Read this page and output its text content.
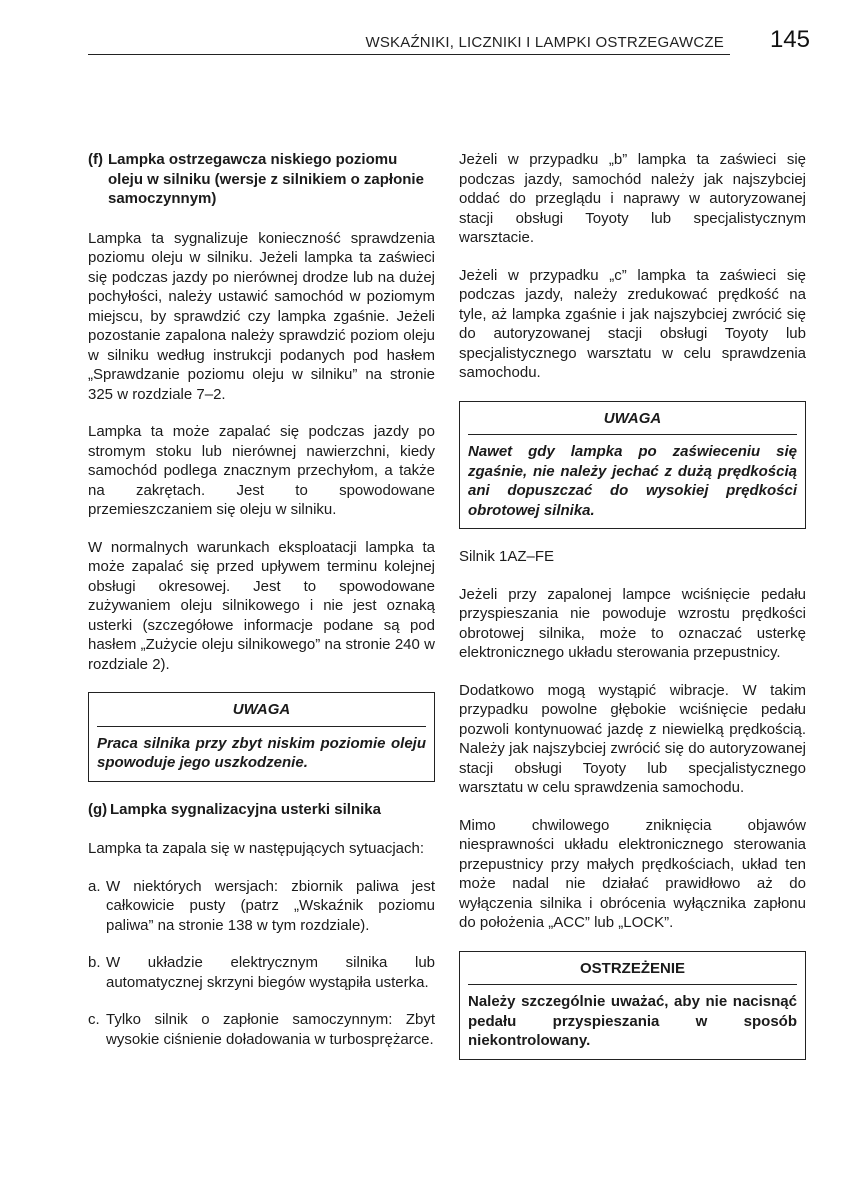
WSKAŹNIKI, LICZNIKI I LAMPKI OSTRZEGAWCZE 145
(f) Lampka ostrzegawcza niskiego poziomu oleju w silniku (wersje z silnikiem o zapłonie samoczynnym)

Lampka ta sygnalizuje konieczność sprawdzenia poziomu oleju w silniku. Jeżeli lampka ta zaświeci się podczas jazdy po nierównej drodze lub na dużej pochyłości, należy ustawić samochód w poziomym miejscu, by sprawdzić czy lampka zgaśnie. Jeżeli pozostanie zapalona należy sprawdzić poziom oleju w silniku według instrukcji podanych pod hasłem „Sprawdzanie poziomu oleju w silniku” na stronie 325 w rozdziale 7–2.

Lampka ta może zapalać się podczas jazdy po stromym stoku lub nierównej nawierzchni, kiedy samochód podlega znacznym przechyłom, a także na zakrętach. Jest to spowodowane przemieszczaniem się oleju w silniku.

W normalnych warunkach eksploatacji lampka ta może zapalać się przed upływem terminu kolejnej obsługi okresowej. Jest to spowodowane zużywaniem oleju silnikowego i nie jest oznaką usterki (szczegółowe informacje podane są pod hasłem „Zużycie oleju silnikowego” na stronie 240 w rozdziale 2).

UWAGA
Praca silnika przy zbyt niskim poziomie oleju spowoduje jego uszkodzenie.
(g) Lampka sygnalizacyjna usterki silnika

Lampka ta zapala się w następujących sytuacjach:

a. W niektórych wersjach: zbiornik paliwa jest całkowicie pusty (patrz „Wskaźnik poziomu paliwa” na stronie 138 w tym rozdziale).
b. W układzie elektrycznym silnika lub automatycznej skrzyni biegów wystąpiła usterka.
c. Tylko silnik o zapłonie samoczynnym: Zbyt wysokie ciśnienie doładowania w turbosprężarce.

Jeżeli w przypadku „b” lampka ta zaświeci się podczas jazdy, samochód należy jak najszybciej oddać do przeglądu i naprawy w autoryzowanej stacji obsługi Toyoty lub specjalistycznym warsztacie.

Jeżeli w przypadku „c” lampka ta zaświeci się podczas jazdy, należy zredukować prędkość na tyle, aż lampka zgaśnie i jak najszybciej zwrócić się do autoryzowanej stacji obsługi Toyoty lub specjalistycznego warsztatu w celu sprawdzenia samochodu.

UWAGA
Nawet gdy lampka po zaświeceniu się zgaśnie, nie należy jechać z dużą prędkością ani dopuszczać do wysokiej prędkości obrotowej silnika.

Silnik 1AZ–FE

Jeżeli przy zapalonej lampce wciśnięcie pedału przyspieszania nie powoduje wzrostu prędkości obrotowej silnika, może to oznaczać usterkę elektronicznego układu sterowania przepustnicy.

Dodatkowo mogą wystąpić wibracje. W takim przypadku powolne głębokie wciśnięcie pedału pozwoli kontynuować jazdę z niewielką prędkością. Należy jak najszybciej zwrócić się do autoryzowanej stacji obsługi Toyoty lub specjalistycznego warsztatu w celu sprawdzenia samochodu.

Mimo chwilowego zniknięcia objawów niesprawności układu elektronicznego sterowania przepustnicy przy małych prędkościach, układ ten może nadal nie działać prawidłowo aż do wyłączenia silnika i obrócenia wyłącznika zapłonu do położenia „ACC” lub „LOCK”.

OSTRZEŻENIE
Należy szczególnie uważać, aby nie nacisnąć pedału przyspieszania w sposób niekontrolowany.
